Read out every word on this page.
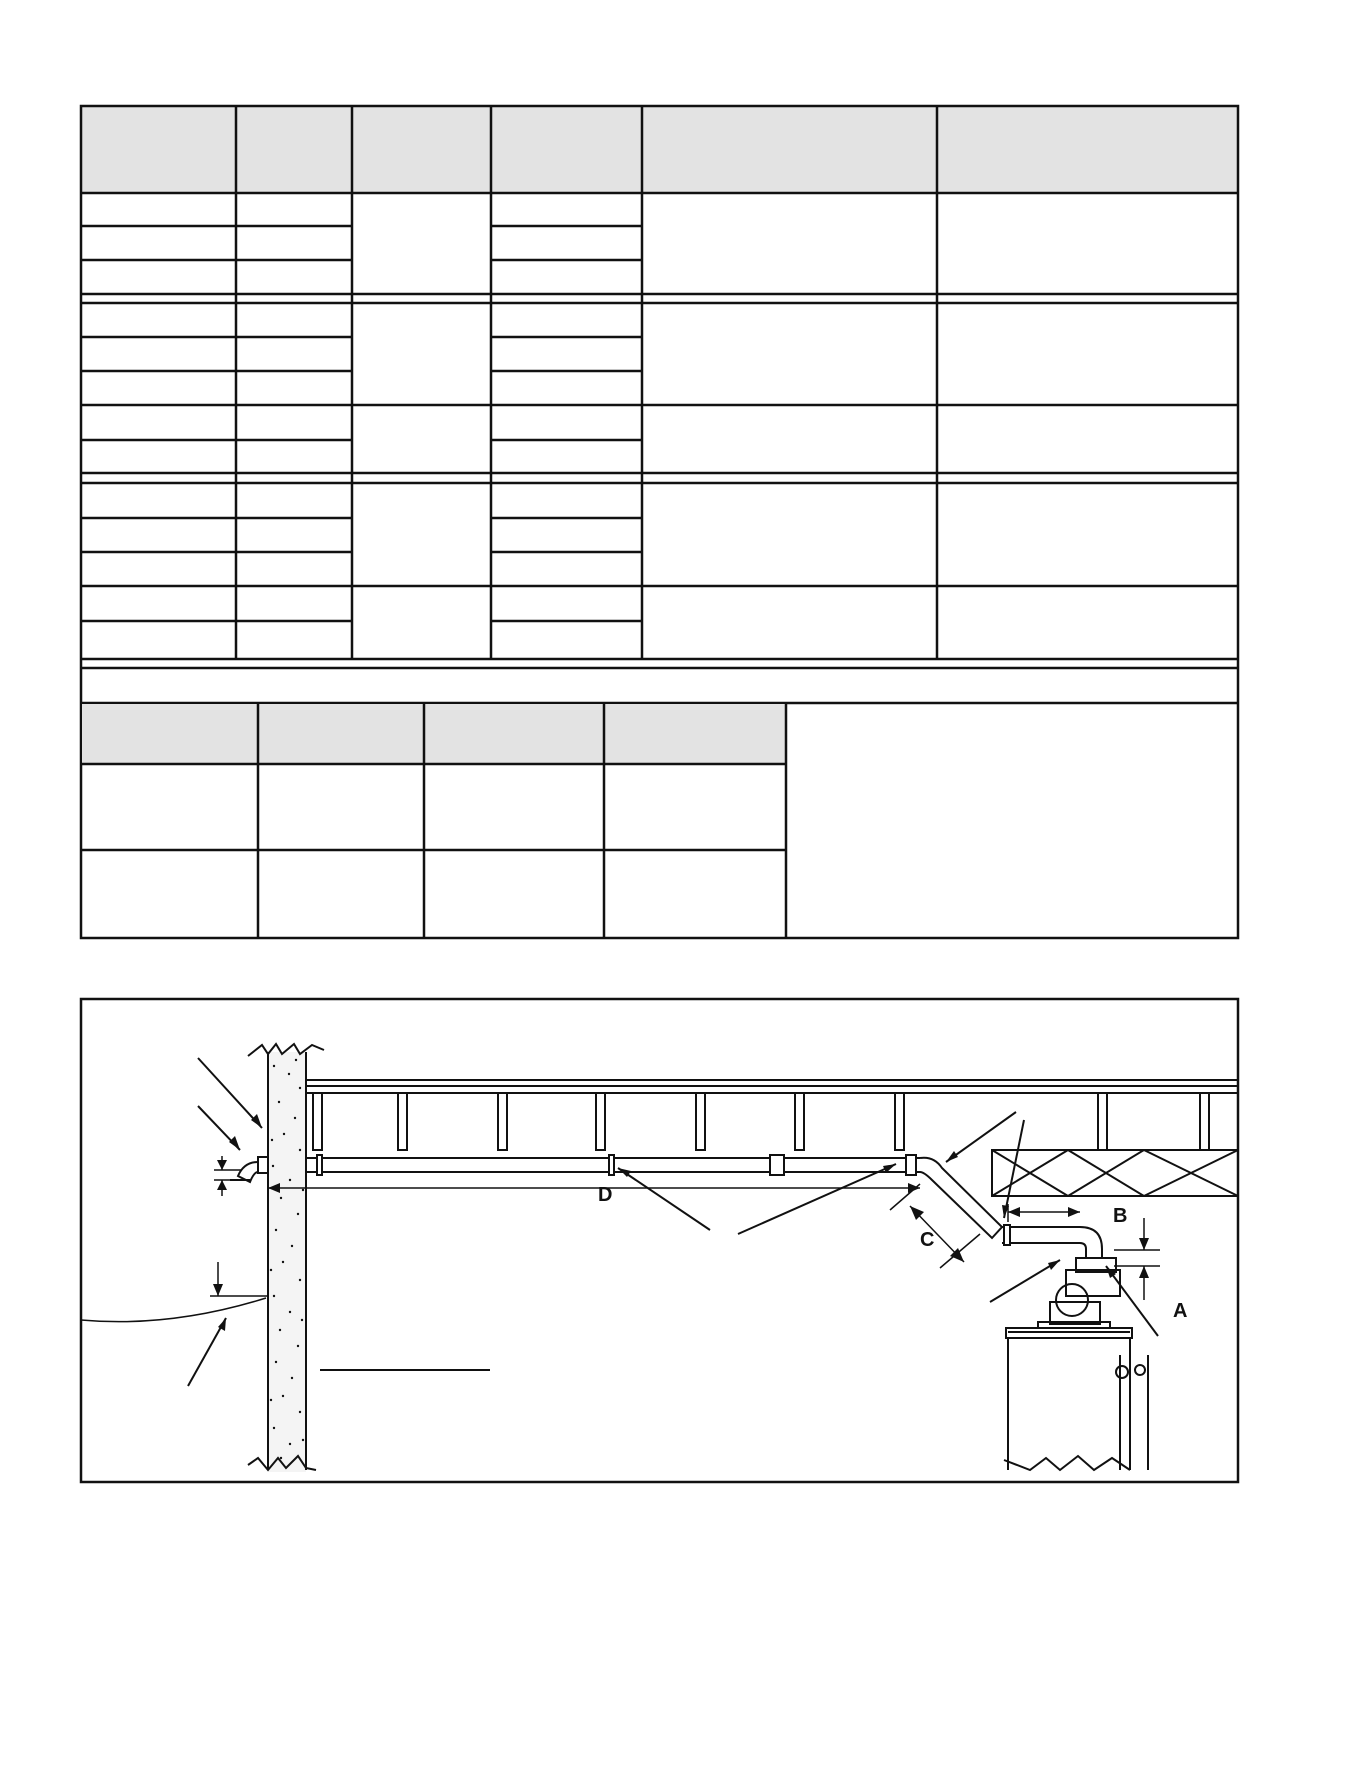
D
C
B
A
